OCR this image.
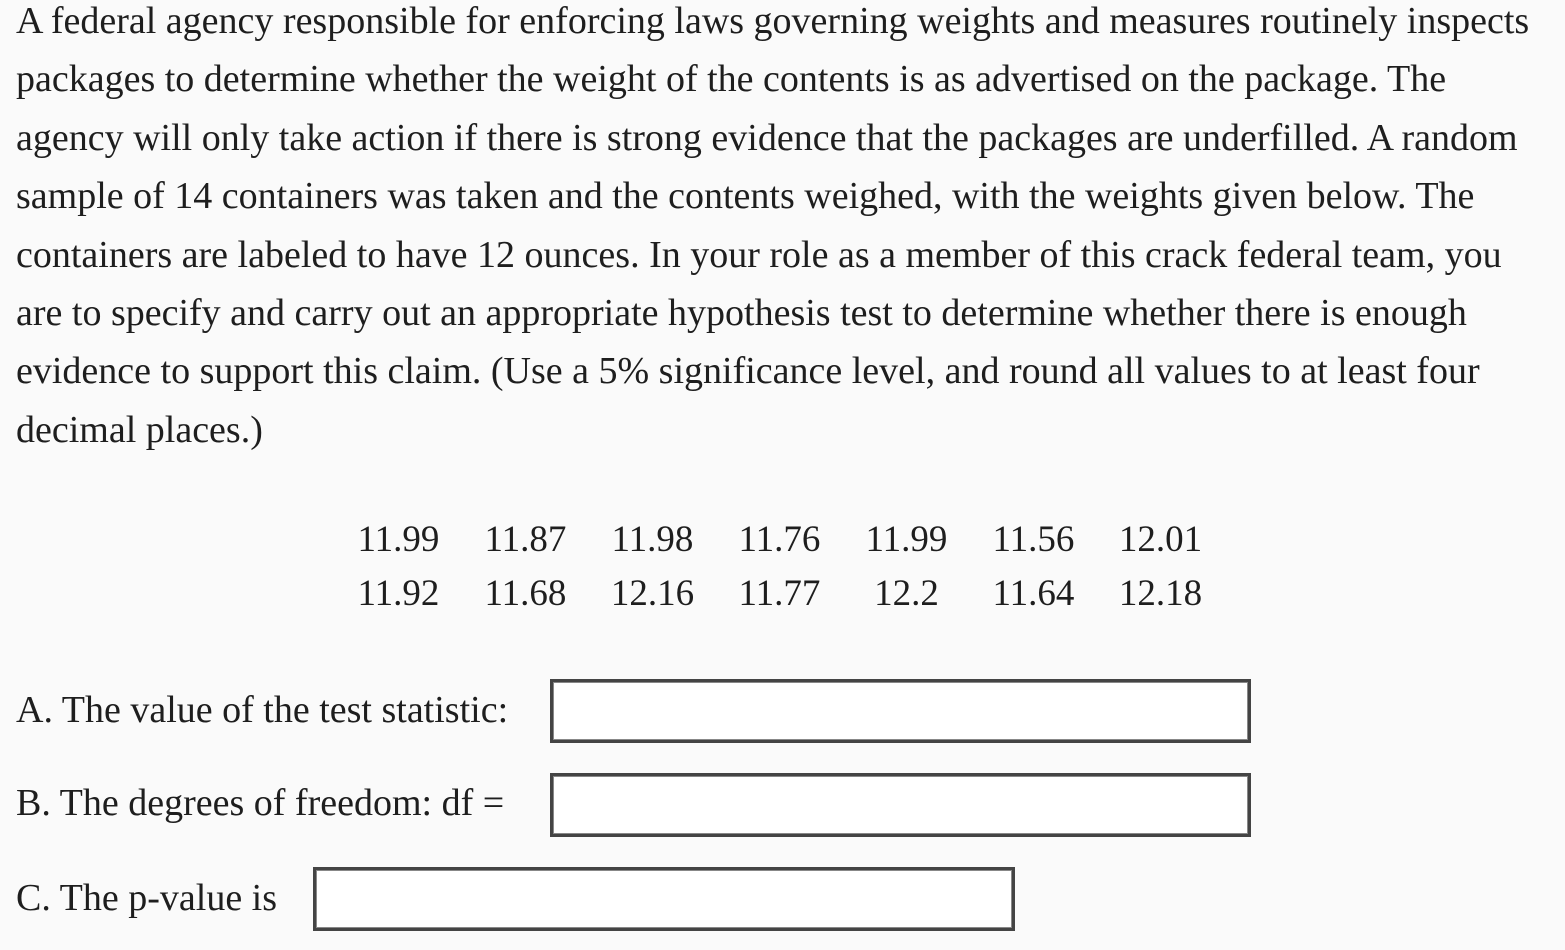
A federal agency responsible for enforcing laws governing weights and measures routinely inspects packages to determine whether the weight of the contents is as advertised on the package. The agency will only take action if there is strong evidence that the packages are underfilled. A random sample of 14 containers was taken and the contents weighed, with the weights given below. The containers are labeled to have 12 ounces. In your role as a member of this crack federal team, you are to specify and carry out an appropriate hypothesis test to determine whether there is enough evidence to support this claim. (Use a 5% significance level, and round all values to at least four decimal places.)

11.99	11.87	11.98	11.76	11.99	11.56	12.01
11.92	11.68	12.16	11.77	12.2	11.64	12.18
A. The value of the test statistic:
B. The degrees of freedom: df =
C. The p-value is
